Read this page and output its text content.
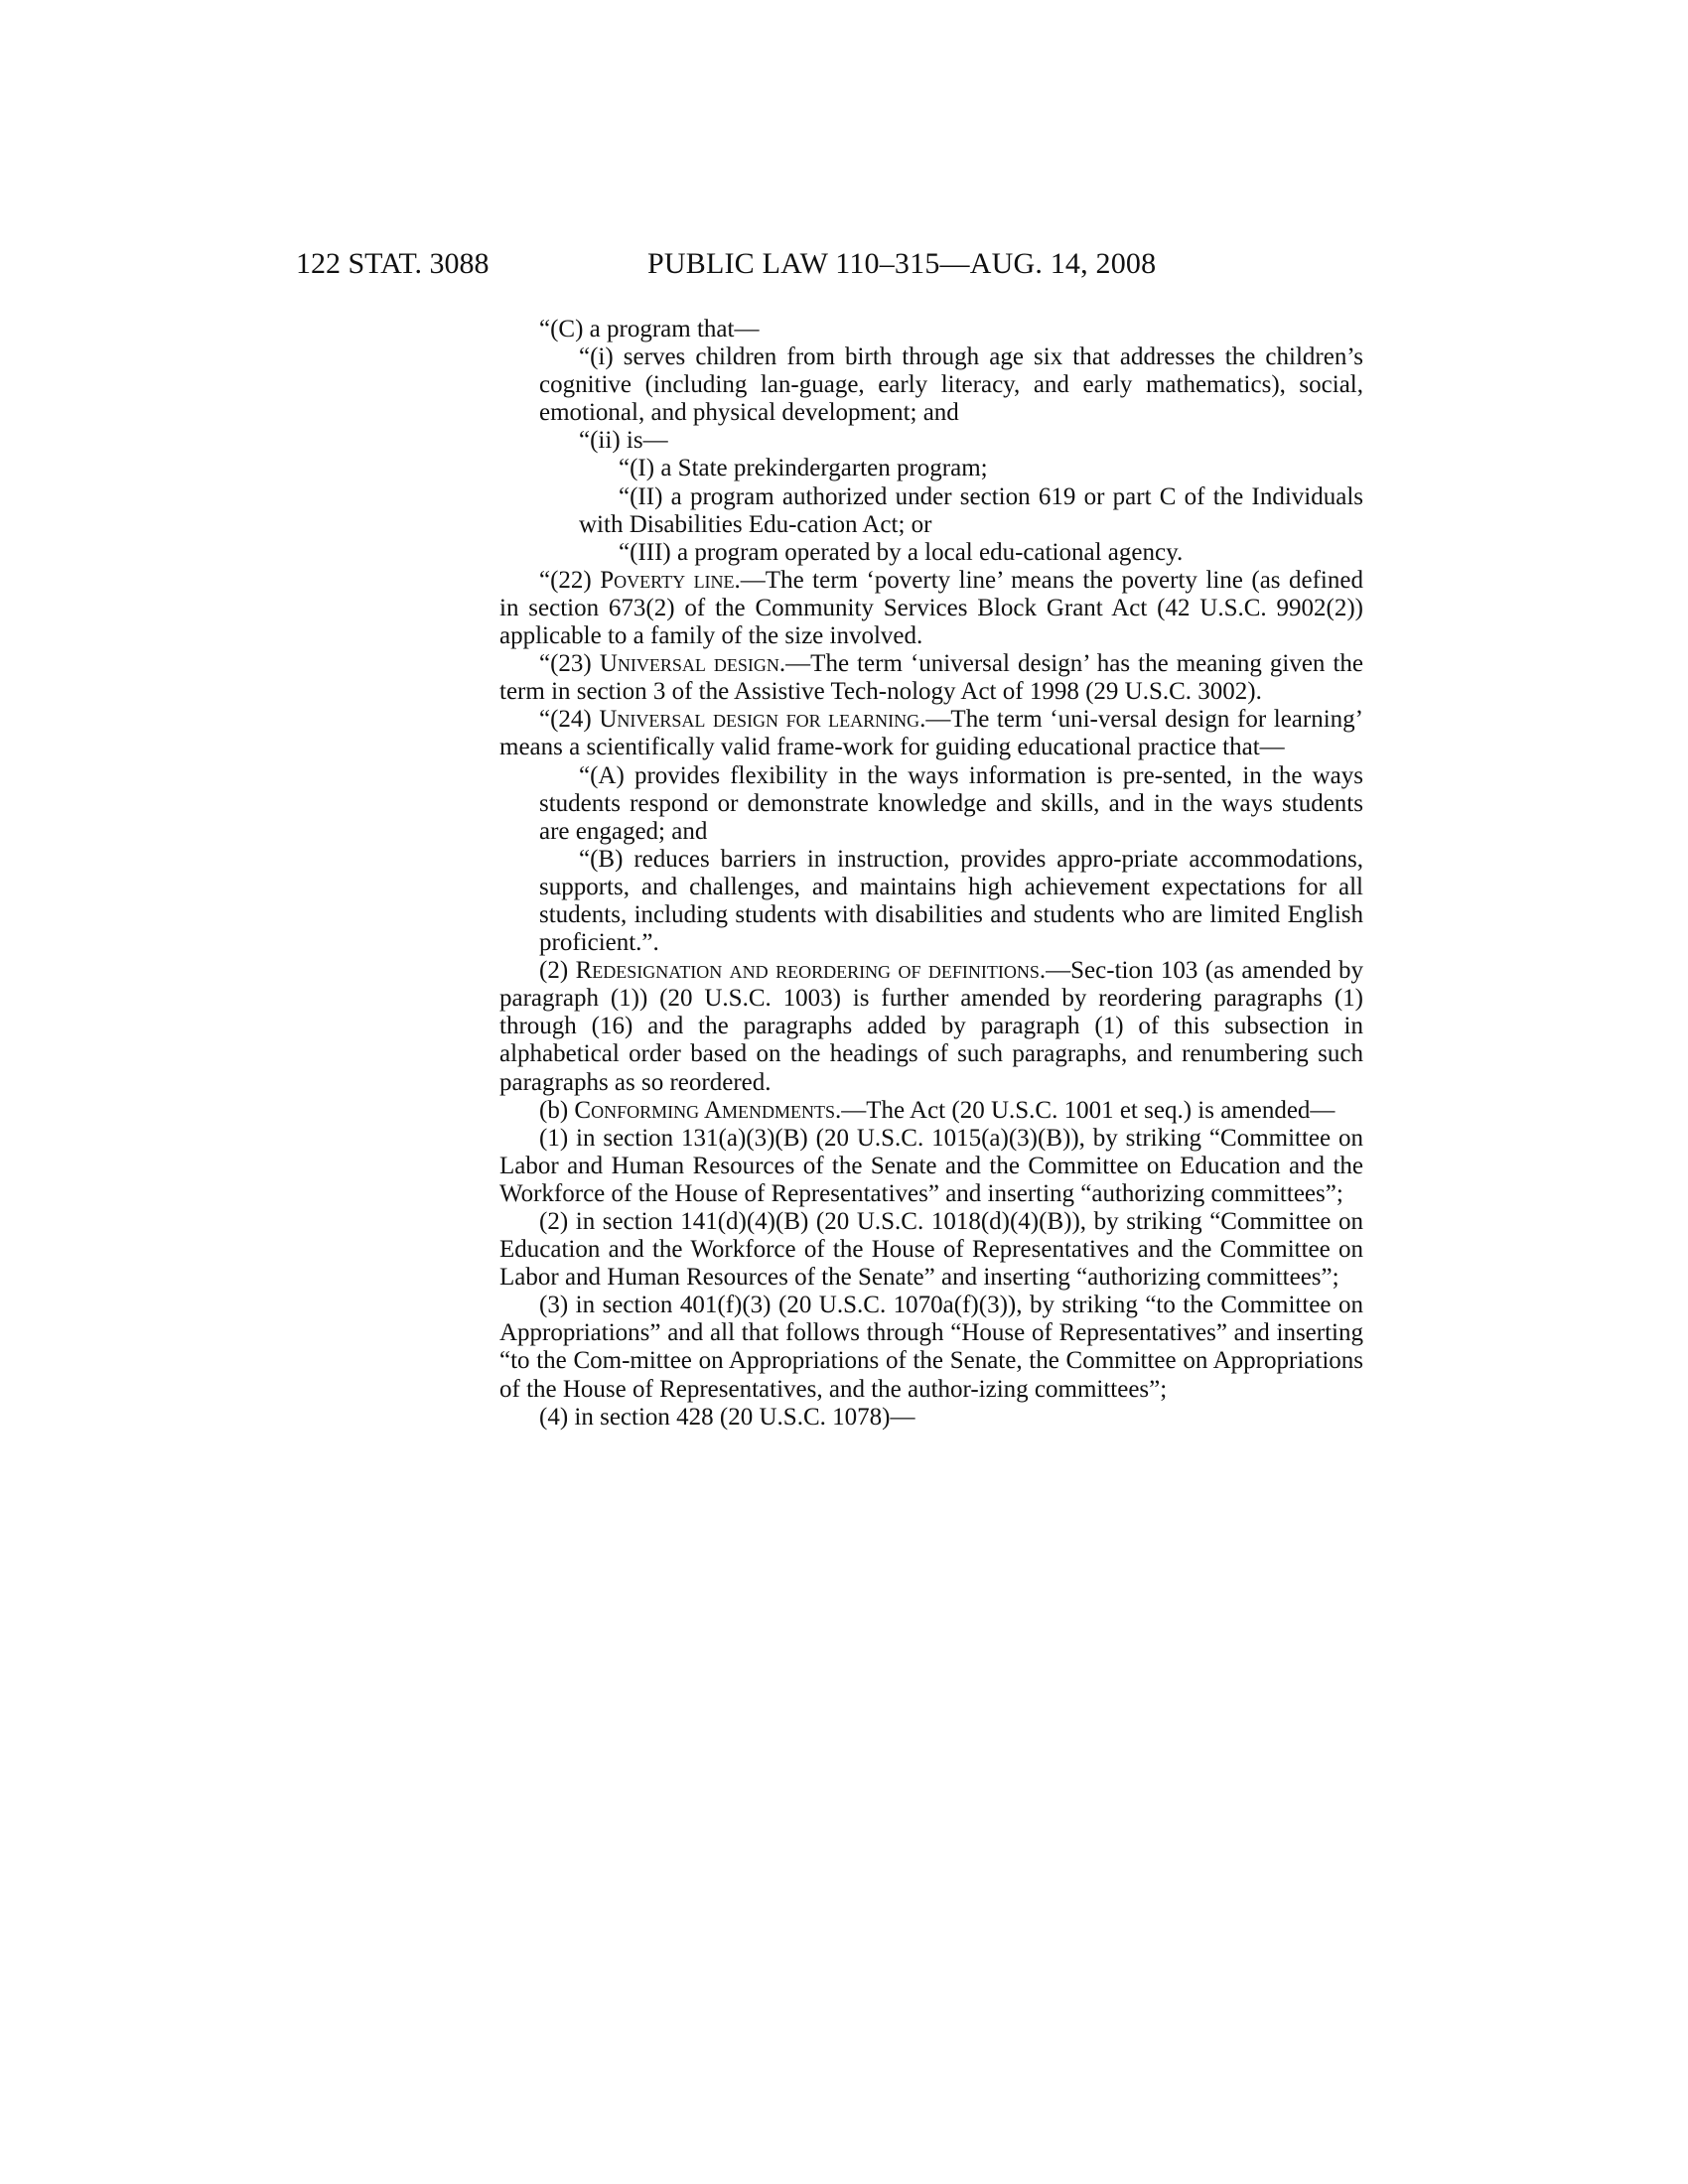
122 STAT. 3088	PUBLIC LAW 110–315—AUG. 14, 2008

“(C) a program that—

“(i) serves children from birth through age six that addresses the children’s cognitive (including lan-guage, early literacy, and early mathematics), social, emotional, and physical development; and

“(ii) is—

“(I) a State prekindergarten program;

“(II) a program authorized under section 619 or part C of the Individuals with Disabilities Edu-cation Act; or

“(III) a program operated by a local edu-cational agency.

“(22) Poverty line.—The term ‘poverty line’ means the poverty line (as defined in section 673(2) of the Community Services Block Grant Act (42 U.S.C. 9902(2)) applicable to a family of the size involved.

“(23) Universal design.—The term ‘universal design’ has the meaning given the term in section 3 of the Assistive Tech-nology Act of 1998 (29 U.S.C. 3002).

“(24) Universal design for learning.—The term ‘uni-versal design for learning’ means a scientifically valid frame-work for guiding educational practice that—

“(A) provides flexibility in the ways information is pre-sented, in the ways students respond or demonstrate knowledge and skills, and in the ways students are engaged; and

“(B) reduces barriers in instruction, provides appro-priate accommodations, supports, and challenges, and maintains high achievement expectations for all students, including students with disabilities and students who are limited English proficient.”.

(2) Redesignation and reordering of definitions.—Sec-tion 103 (as amended by paragraph (1)) (20 U.S.C. 1003) is further amended by reordering paragraphs (1) through (16) and the paragraphs added by paragraph (1) of this subsection in alphabetical order based on the headings of such paragraphs, and renumbering such paragraphs as so reordered.

(b) Conforming Amendments.—The Act (20 U.S.C. 1001 et seq.) is amended—

(1) in section 131(a)(3)(B) (20 U.S.C. 1015(a)(3)(B)), by striking “Committee on Labor and Human Resources of the Senate and the Committee on Education and the Workforce of the House of Representatives” and inserting “authorizing committees”;

(2) in section 141(d)(4)(B) (20 U.S.C. 1018(d)(4)(B)), by striking “Committee on Education and the Workforce of the House of Representatives and the Committee on Labor and Human Resources of the Senate” and inserting “authorizing committees”;

(3) in section 401(f)(3) (20 U.S.C. 1070a(f)(3)), by striking “to the Committee on Appropriations” and all that follows through “House of Representatives” and inserting “to the Com-mittee on Appropriations of the Senate, the Committee on Appropriations of the House of Representatives, and the author-izing committees”;

(4) in section 428 (20 U.S.C. 1078)—
